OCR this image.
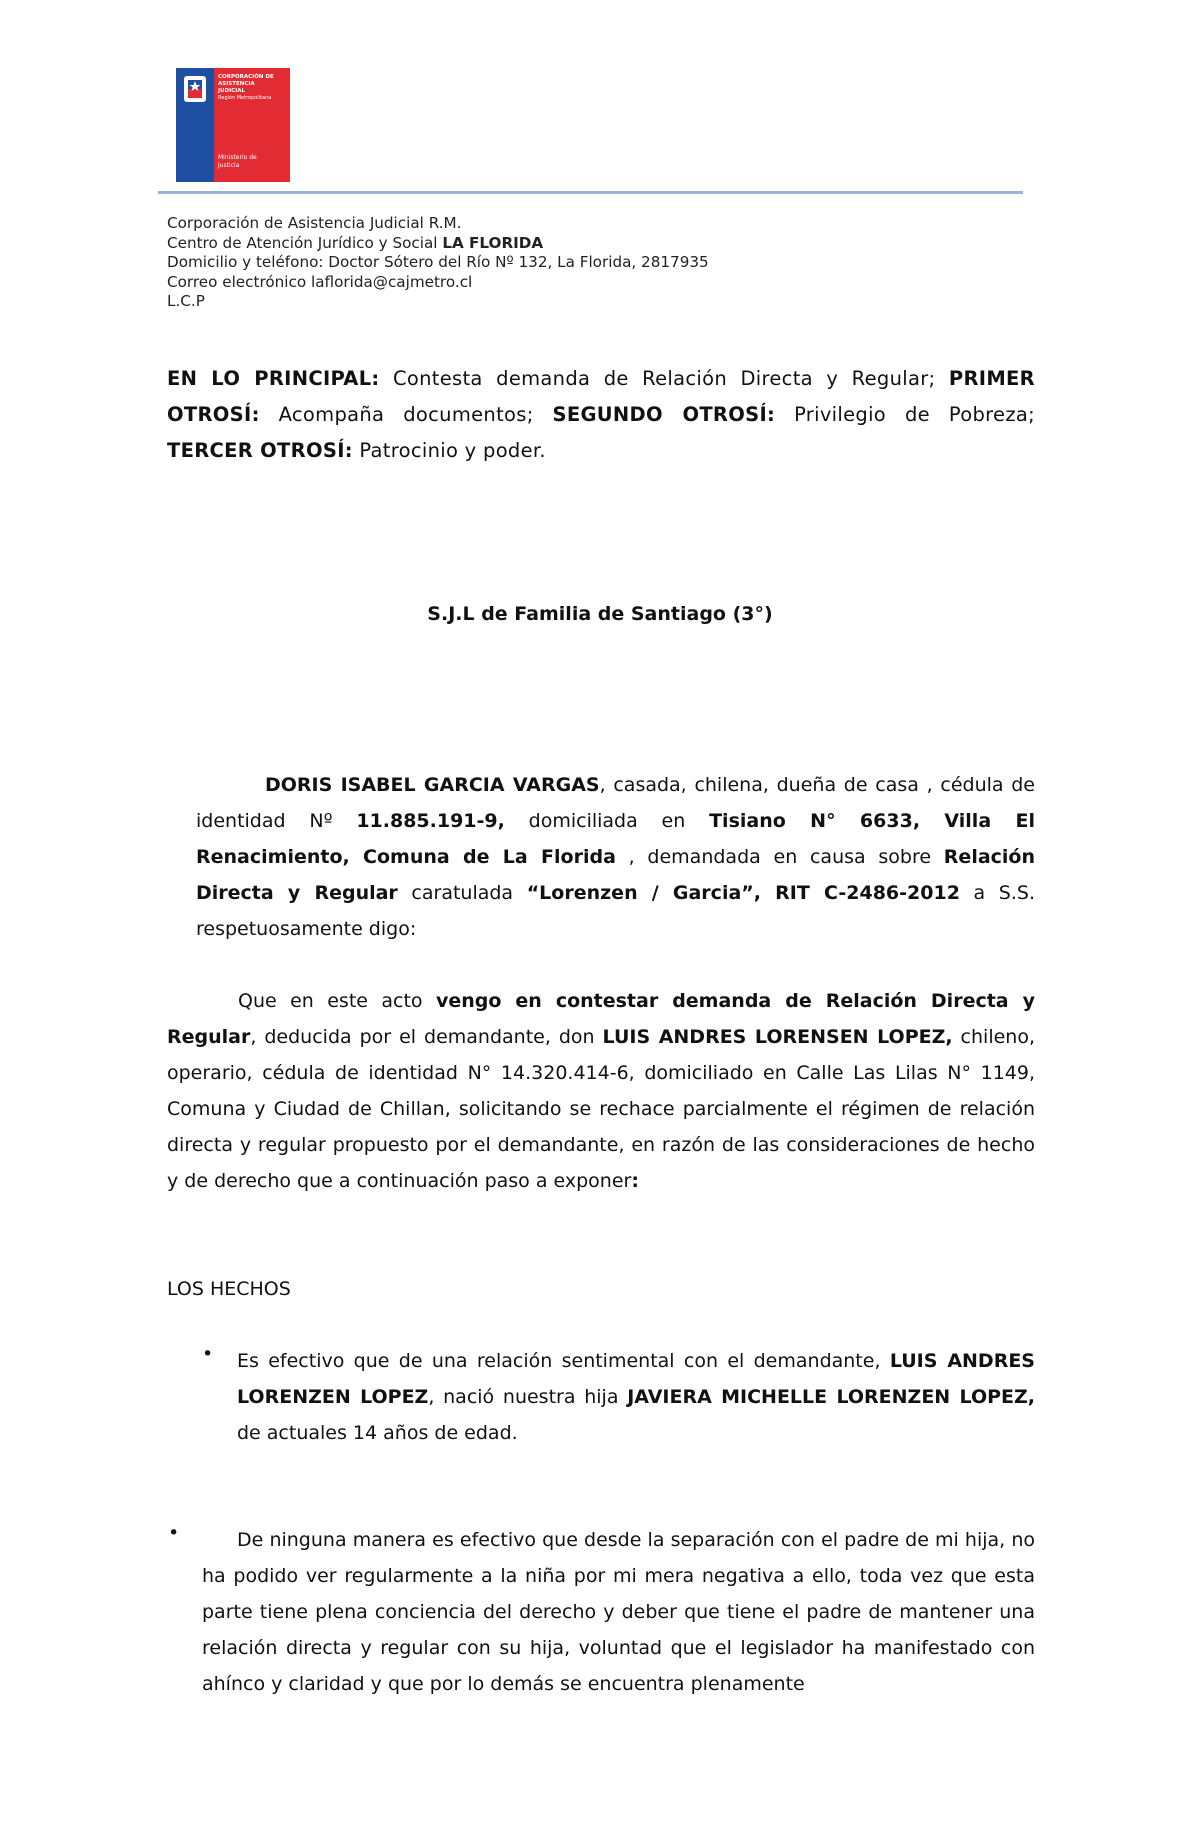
CORPORACIÓN DE
ASISTENCIA
JUDICIAL
Región Metropolitana
Ministerio de
Justicia
Corporación de Asistencia Judicial R.M.
Centro de Atención Jurídico y Social LA FLORIDA
Domicilio y teléfono: Doctor Sótero del Río Nº 132, La Florida, 2817935
Correo electrónico laflorida@cajmetro.cl
L.C.P
EN LO PRINCIPAL: Contesta demanda de Relación Directa y Regular; PRIMER OTROSÍ: Acompaña documentos; SEGUNDO OTROSÍ: Privilegio de Pobreza; TERCER OTROSÍ: Patrocinio y poder.
S.J.L de Familia de Santiago (3°)
DORIS ISABEL GARCIA VARGAS, casada, chilena, dueña de casa , cédula de identidad Nº 11.885.191-9, domiciliada en Tisiano N° 6633, Villa El Renacimiento, Comuna de La Florida , demandada en causa sobre Relación Directa y Regular caratulada “Lorenzen / Garcia”, RIT C-2486-2012 a S.S. respetuosamente digo:
Que en este acto vengo en contestar demanda de Relación Directa y Regular, deducida por el demandante, don LUIS ANDRES LORENSEN LOPEZ, chileno, operario, cédula de identidad N° 14.320.414-6, domiciliado en Calle Las Lilas N° 1149, Comuna y Ciudad de Chillan, solicitando se rechace parcialmente el régimen de relación directa y regular propuesto por el demandante, en razón de las consideraciones de hecho y de derecho que a continuación paso a exponer:
LOS HECHOS
• Es efectivo que de una relación sentimental con el demandante, LUIS ANDRES LORENZEN LOPEZ, nació nuestra hija JAVIERA MICHELLE LORENZEN LOPEZ, de actuales 14 años de edad.
•	De ninguna manera es efectivo que desde la separación con el padre de mi hija, no ha podido ver regularmente a la niña por mi mera negativa a ello, toda vez que esta parte tiene plena conciencia del derecho y deber que tiene el padre de mantener una relación directa y regular con su hija, voluntad que el legislador ha manifestado con ahínco y claridad y que por lo demás se encuentra plenamente
